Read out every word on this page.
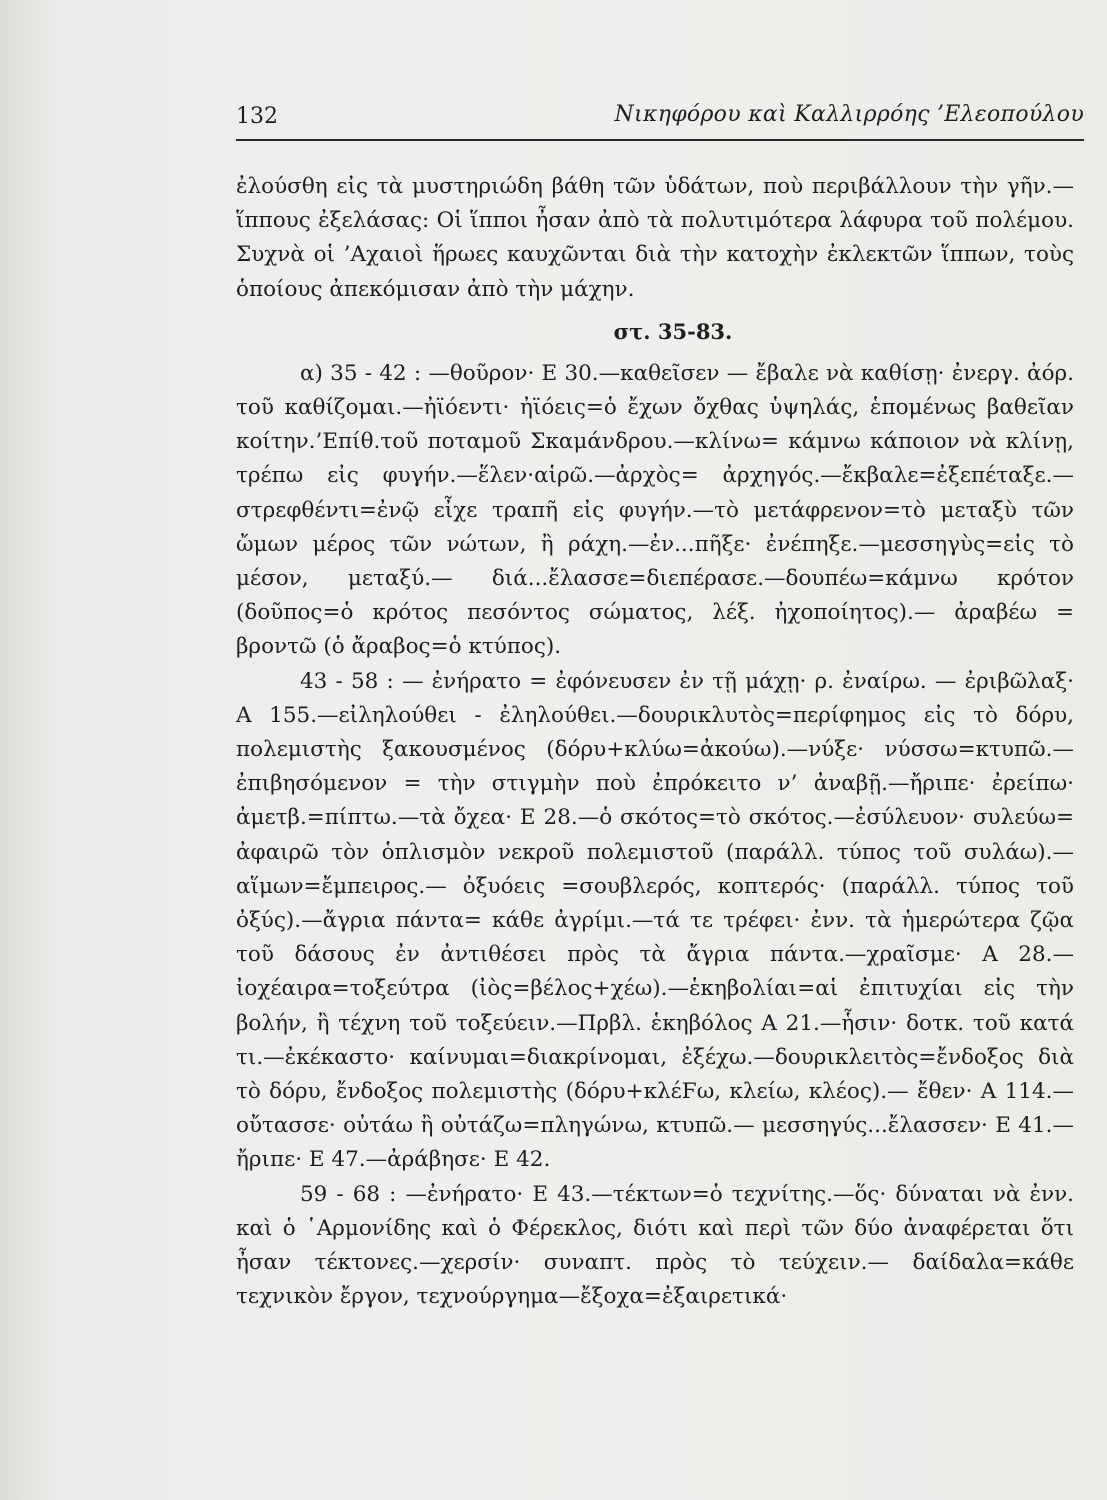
132	Νικηφόρου καὶ Καλλιρρόης ’Ελεοπούλου

ἐλούσθη εἰς τὰ μυστηριώδη βάθη τῶν ὑδάτων, ποὺ περιβάλλουν τὴν γῆν.—ἵππους ἐξελάσας: Οἱ ἵπποι ἦσαν ἀπὸ τὰ πολυτιμότερα λάφυρα τοῦ πολέμου. Συχνὰ οἱ ’Αχαιοὶ ἥρωες καυχῶνται διὰ τὴν κατοχὴν ἐκλεκτῶν ἵππων, τοὺς ὁποίους ἀπεκόμισαν ἀπὸ τὴν μάχην.

στ. 35-83.

α) 35 - 42 : —θοῦρον· Ε 30.—καθεῖσεν — ἔβαλε νὰ καθίσῃ· ἐνεργ. ἀόρ. τοῦ καθίζομαι.—ἠϊόεντι· ἠϊόεις=ὁ ἔχων ὄχθας ὑψηλάς, ἑπομένως βαθεῖαν κοίτην.’Επίθ.τοῦ ποταμοῦ Σκαμάνδρου.—κλίνω= κάμνω κάποιον νὰ κλίνῃ, τρέπω εἰς φυγήν.—ἕλεν·αἱρῶ.—ἀρχὸς= ἀρχηγός.—ἔκβαλε=ἐξεπέταξε.—στρεφθέντι=ἐνῷ εἶχε τραπῆ εἰς φυγήν.—τὸ μετάφρενον=τὸ μεταξὺ τῶν ὤμων μέρος τῶν νώτων, ἢ ράχη.—ἐν...πῆξε· ἐνέπηξε.—μεσσηγὺς=εἰς τὸ μέσον, μεταξύ.— διά...ἔλασσε=διεπέρασε.—δουπέω=κάμνω κρότον (δοῦπος=ὁ κρότος πεσόντος σώματος, λέξ. ἠχοποίητος).— ἀραβέω = βροντῶ (ὁ ἄραβος=ὁ κτύπος).

43 - 58 : — ἐνήρατο = ἐφόνευσεν ἐν τῇ μάχῃ· ρ. ἐναίρω. — ἐριβῶλαξ· Α 155.—εἰληλούθει - ἐληλούθει.—δουρικλυτὸς=περίφημος εἰς τὸ δόρυ, πολεμιστὴς ξακουσμένος (δόρυ+κλύω=ἀκούω).—νύξε· νύσσω=κτυπῶ.—ἐπιβησόμενον = τὴν στιγμὴν ποὺ ἐπρόκειτο ν’ ἀναβῇ.—ἤριπε· ἐρείπω· ἀμετβ.=πίπτω.—τὰ ὄχεα· Ε 28.—ὁ σκότος=τὸ σκότος.—ἐσύλευον· συλεύω= ἀφαιρῶ τὸν ὁπλισμὸν νεκροῦ πολεμιστοῦ (παράλλ. τύπος τοῦ συλάω).—αἵμων=ἔμπειρος.— ὀξυόεις =σουβλερός, κοπτερός· (παράλλ. τύπος τοῦ ὀξύς).—ἄγρια πάντα= κάθε ἀγρίμι.—τά τε τρέφει· ἐνν. τὰ ἡμερώτερα ζῷα τοῦ δάσους ἐν ἀντιθέσει πρὸς τὰ ἄγρια πάντα.—χραῖσμε· Α 28.—ἰοχέαιρα=τοξεύτρα (ἰὸς=βέλος+χέω).—ἑκηβολίαι=αἱ ἐπιτυχίαι εἰς τὴν βολήν, ἢ τέχνη τοῦ τοξεύειν.—Πρβλ. ἑκηβόλος Α 21.—ἧσιν· δοτκ. τοῦ κατά τι.—ἐκέκαστο· καίνυμαι=διακρίνομαι, ἐξέχω.—δουρικλειτὸς=ἔνδοξος διὰ τὸ δόρυ, ἔνδοξος πολεμιστὴς (δόρυ+κλέϜω, κλείω, κλέος).— ἔθεν· Α 114.—οὔτασσε· οὐτάω ἢ οὐτάζω=πληγώνω, κτυπῶ.— μεσσηγύς...ἔλασσεν· Ε 41.—ἤριπε· Ε 47.—ἀράβησε· Ε 42.

59 - 68 : —ἐνήρατο· Ε 43.—τέκτων=ὁ τεχνίτης.—ὅς· δύναται νὰ ἐνν. καὶ ὁ ῾Αρμονίδης καὶ ὁ Φέρεκλος, διότι καὶ περὶ τῶν δύο ἀναφέρεται ὅτι ἦσαν τέκτονες.—χερσίν· συναπτ. πρὸς τὸ τεύχειν.— δαίδαλα=κάθε τεχνικὸν ἔργον, τεχνούργημα—ἔξοχα=ἐξαιρετικά·
